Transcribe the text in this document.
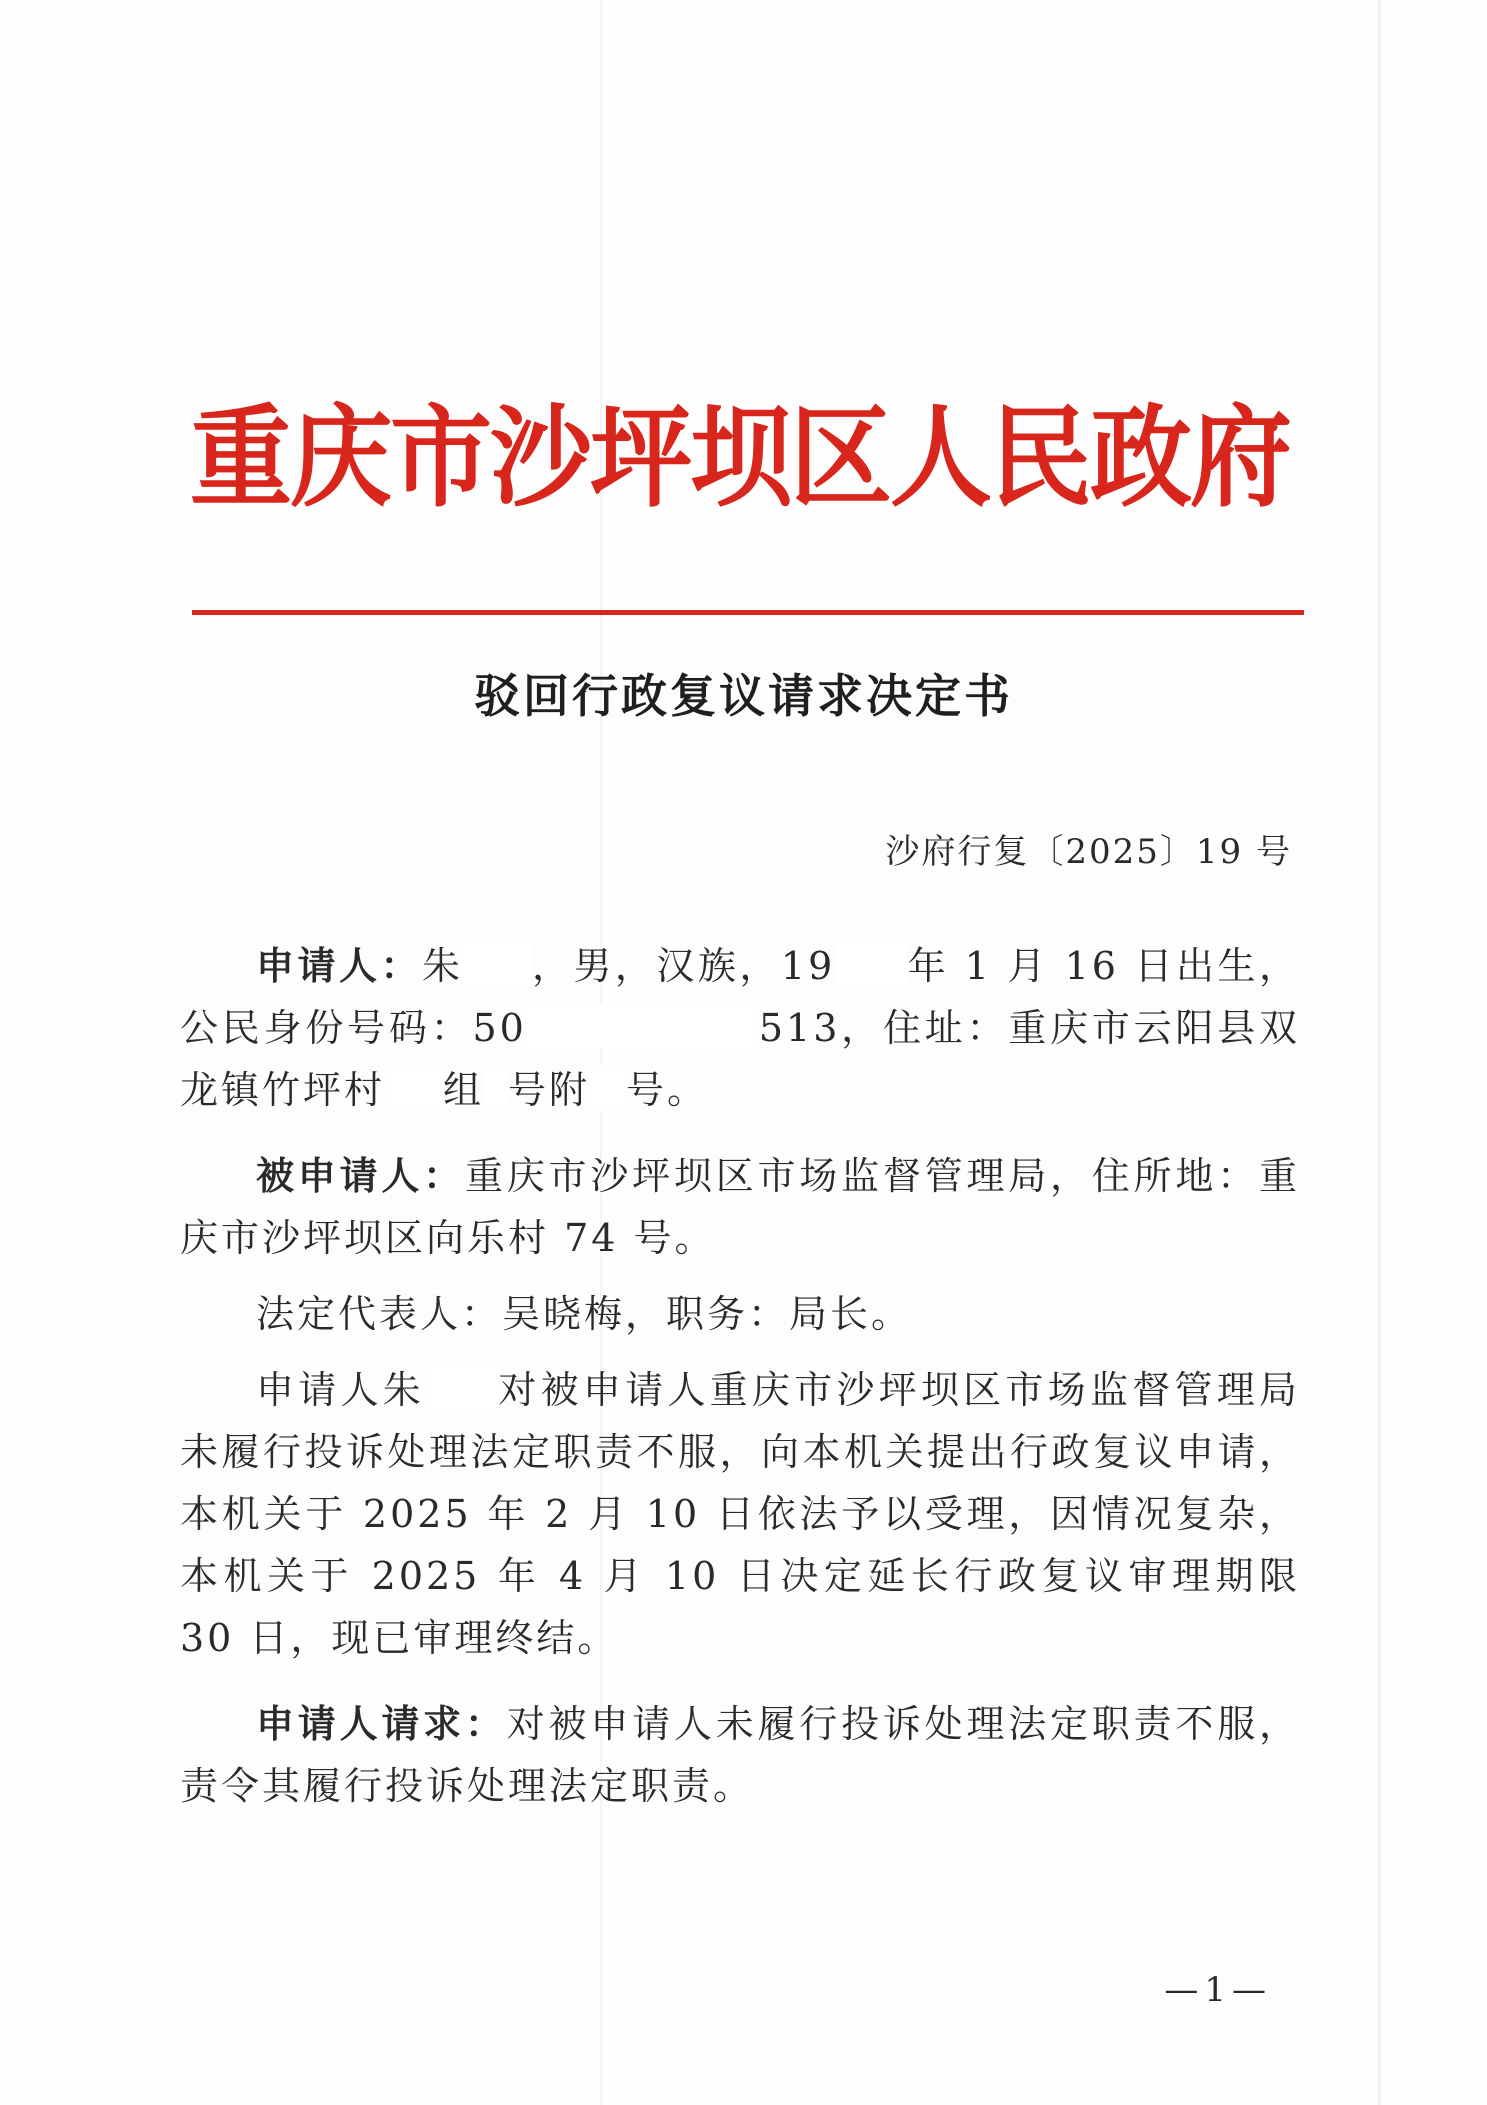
重庆市沙坪坝区人民政府
驳回行政复议请求决定书
沙府行复〔2025〕19 号

申请人：朱 ，男，汉族，19 年 1 月 16 日出生，公民身份号码：50	513，住址：重庆市云阳县双龙镇竹坪村 组 号附 号。

被申请人：重庆市沙坪坝区市场监督管理局，住所地：重庆市沙坪坝区向乐村 74 号。

法定代表人：吴晓梅，职务：局长。

申请人朱 对被申请人重庆市沙坪坝区市场监督管理局未履行投诉处理法定职责不服，向本机关提出行政复议申请，本机关于 2025 年 2 月 10 日依法予以受理，因情况复杂，本机关于 2025 年 4 月 10 日决定延长行政复议审理期限 30 日，现已审理终结。

申请人请求：对被申请人未履行投诉处理法定职责不服，责令其履行投诉处理法定职责。

—1—
